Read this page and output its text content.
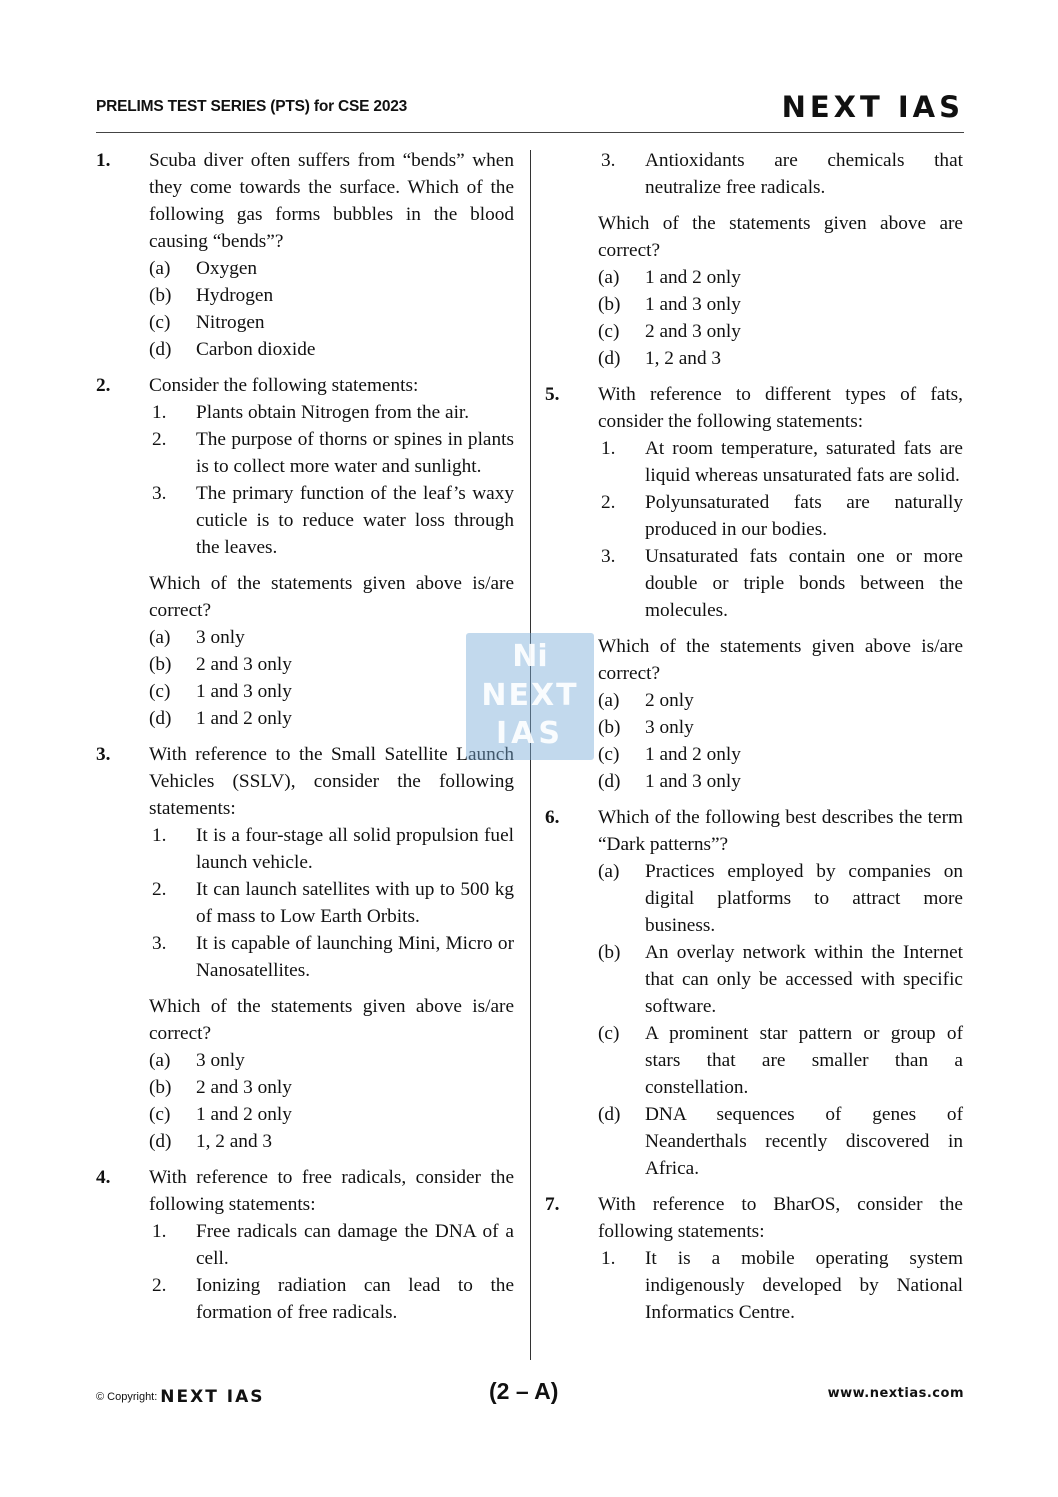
PRELIMS TEST SERIES (PTS) for CSE 2023	NEXT IAS
1. Scuba diver often suffers from “bends” when they come towards the surface. Which of the following gas forms bubbles in the blood causing “bends”?
(a) Oxygen
(b) Hydrogen
(c) Nitrogen
(d) Carbon dioxide
2. Consider the following statements:
1. Plants obtain Nitrogen from the air.
2. The purpose of thorns or spines in plants is to collect more water and sunlight.
3. The primary function of the leaf’s waxy cuticle is to reduce water loss through the leaves.
Which of the statements given above is/are correct?
(a) 3 only
(b) 2 and 3 only
(c) 1 and 3 only
(d) 1 and 2 only
3. With reference to the Small Satellite Launch Vehicles (SSLV), consider the following statements:
1. It is a four-stage all solid propulsion fuel launch vehicle.
2. It can launch satellites with up to 500 kg of mass to Low Earth Orbits.
3. It is capable of launching Mini, Micro or Nanosatellites.
Which of the statements given above is/are correct?
(a) 3 only
(b) 2 and 3 only
(c) 1 and 2 only
(d) 1, 2 and 3
4. With reference to free radicals, consider the following statements:
1. Free radicals can damage the DNA of a cell.
2. Ionizing radiation can lead to the formation of free radicals.
3. Antioxidants are chemicals that neutralize free radicals.
Which of the statements given above are correct?
(a) 1 and 2 only
(b) 1 and 3 only
(c) 2 and 3 only
(d) 1, 2 and 3
5. With reference to different types of fats, consider the following statements:
1. At room temperature, saturated fats are liquid whereas unsaturated fats are solid.
2. Polyunsaturated fats are naturally produced in our bodies.
3. Unsaturated fats contain one or more double or triple bonds between the molecules.
Which of the statements given above is/are correct?
(a) 2 only
(b) 3 only
(c) 1 and 2 only
(d) 1 and 3 only
6. Which of the following best describes the term “Dark patterns”?
(a) Practices employed by companies on digital platforms to attract more business.
(b) An overlay network within the Internet that can only be accessed with specific software.
(c) A prominent star pattern or group of stars that are smaller than a constellation.
(d) DNA sequences of genes of Neanderthals recently discovered in Africa.
7. With reference to BharOS, consider the following statements:
1. It is a mobile operating system indigenously developed by National Informatics Centre.
Ni
NEXT
IAS
© Copyright: NEXT IAS	(2 – A)	www.nextias.com
